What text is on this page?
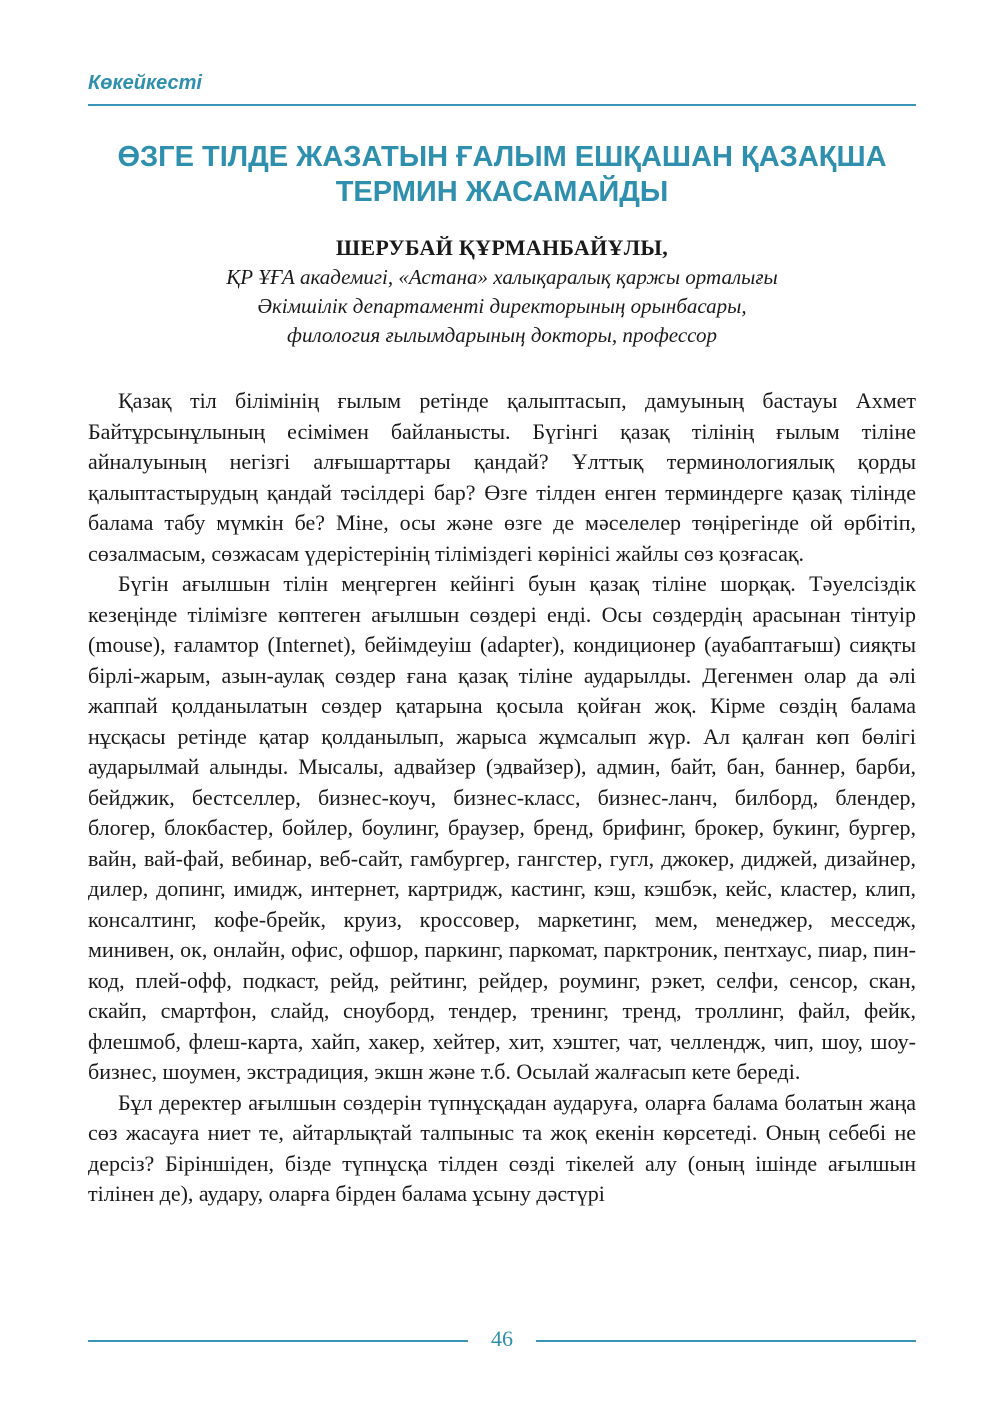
Көкейкесті
ӨЗГЕ ТІЛДЕ ЖАЗАТЫН ҒАЛЫМ ЕШҚАШАН ҚАЗАҚША
ТЕРМИН ЖАСАМАЙДЫ
ШЕРУБАЙ ҚҰРМАНБАЙҰЛЫ,
ҚР ҰҒА академигі, «Астана» халықаралық қаржы орталығы
Әкімшілік департаменті директорының орынбасары,
филология ғылымдарының докторы, профессор

Қазақ тіл білімінің ғылым ретінде қалыптасып, дамуының бастауы Ахмет Байтұрсынұлының есімімен байланысты. Бүгінгі қазақ тілінің ғылым тіліне айналуының негізгі алғышарттары қандай? Ұлттық терминологиялық қорды қалыптастырудың қандай тәсілдері бар? Өзге тілден енген терминдерге қазақ тілінде балама табу мүмкін бе? Міне, осы және өзге де мәселелер төңірегінде ой өрбітіп, сөзалмасым, сөзжасам үдерістерінің тіліміздегі көрінісі жайлы сөз қозғасақ.

Бүгін ағылшын тілін меңгерген кейінгі буын қазақ тіліне шорқақ. Тәуелсіздік кезеңінде тілімізге көптеген ағылшын сөздері енді. Осы сөздердің арасынан тінтуір (mouse), ғаламтор (Internet), бейімдеуіш (adapter), кондиционер (ауабаптағыш) сияқты бірлі-жарым, азын-аулақ сөздер ғана қазақ тіліне аударылды. Дегенмен олар да әлі жаппай қолданылатын сөздер қатарына қосыла қойған жоқ. Кірме сөздің балама нұсқасы ретінде қатар қолданылып, жарыса жұмсалып жүр. Ал қалған көп бөлігі аударылмай алынды. Мысалы, адвайзер (эдвайзер), админ, байт, бан, баннер, барби, бейджик, бестселлер, бизнес-коуч, бизнес-класс, бизнес-ланч, билборд, блендер, блогер, блокбастер, бойлер, боулинг, браузер, бренд, брифинг, брокер, букинг, бургер, вайн, вай-фай, вебинар, веб-сайт, гамбургер, гангстер, гугл, джокер, диджей, дизайнер, дилер, допинг, имидж, интернет, картридж, кастинг, кэш, кэшбэк, кейс, кластер, клип, консалтинг, кофе-брейк, круиз, кроссовер, маркетинг, мем, менеджер, месседж, минивен, ок, онлайн, офис, офшор, паркинг, паркомат, парктроник, пентхаус, пиар, пин-код, плей-офф, подкаст, рейд, рейтинг, рейдер, роуминг, рэкет, селфи, сенсор, скан, скайп, смартфон, слайд, сноуборд, тендер, тренинг, тренд, троллинг, файл, фейк, флешмоб, флеш-карта, хайп, хакер, хейтер, хит, хэштег, чат, челлендж, чип, шоу, шоу-бизнес, шоумен, экстрадиция, экшн және т.б. Осылай жалғасып кете береді.

Бұл деректер ағылшын сөздерін түпнұсқадан аударуға, оларға балама болатын жаңа сөз жасауға ниет те, айтарлықтай талпыныс та жоқ екенін көрсетеді. Оның себебі не дерсіз? Біріншіден, бізде түпнұсқа тілден сөзді тікелей алу (оның ішінде ағылшын тілінен де), аудару, оларға бірден балама ұсыну дәстүрі

46
